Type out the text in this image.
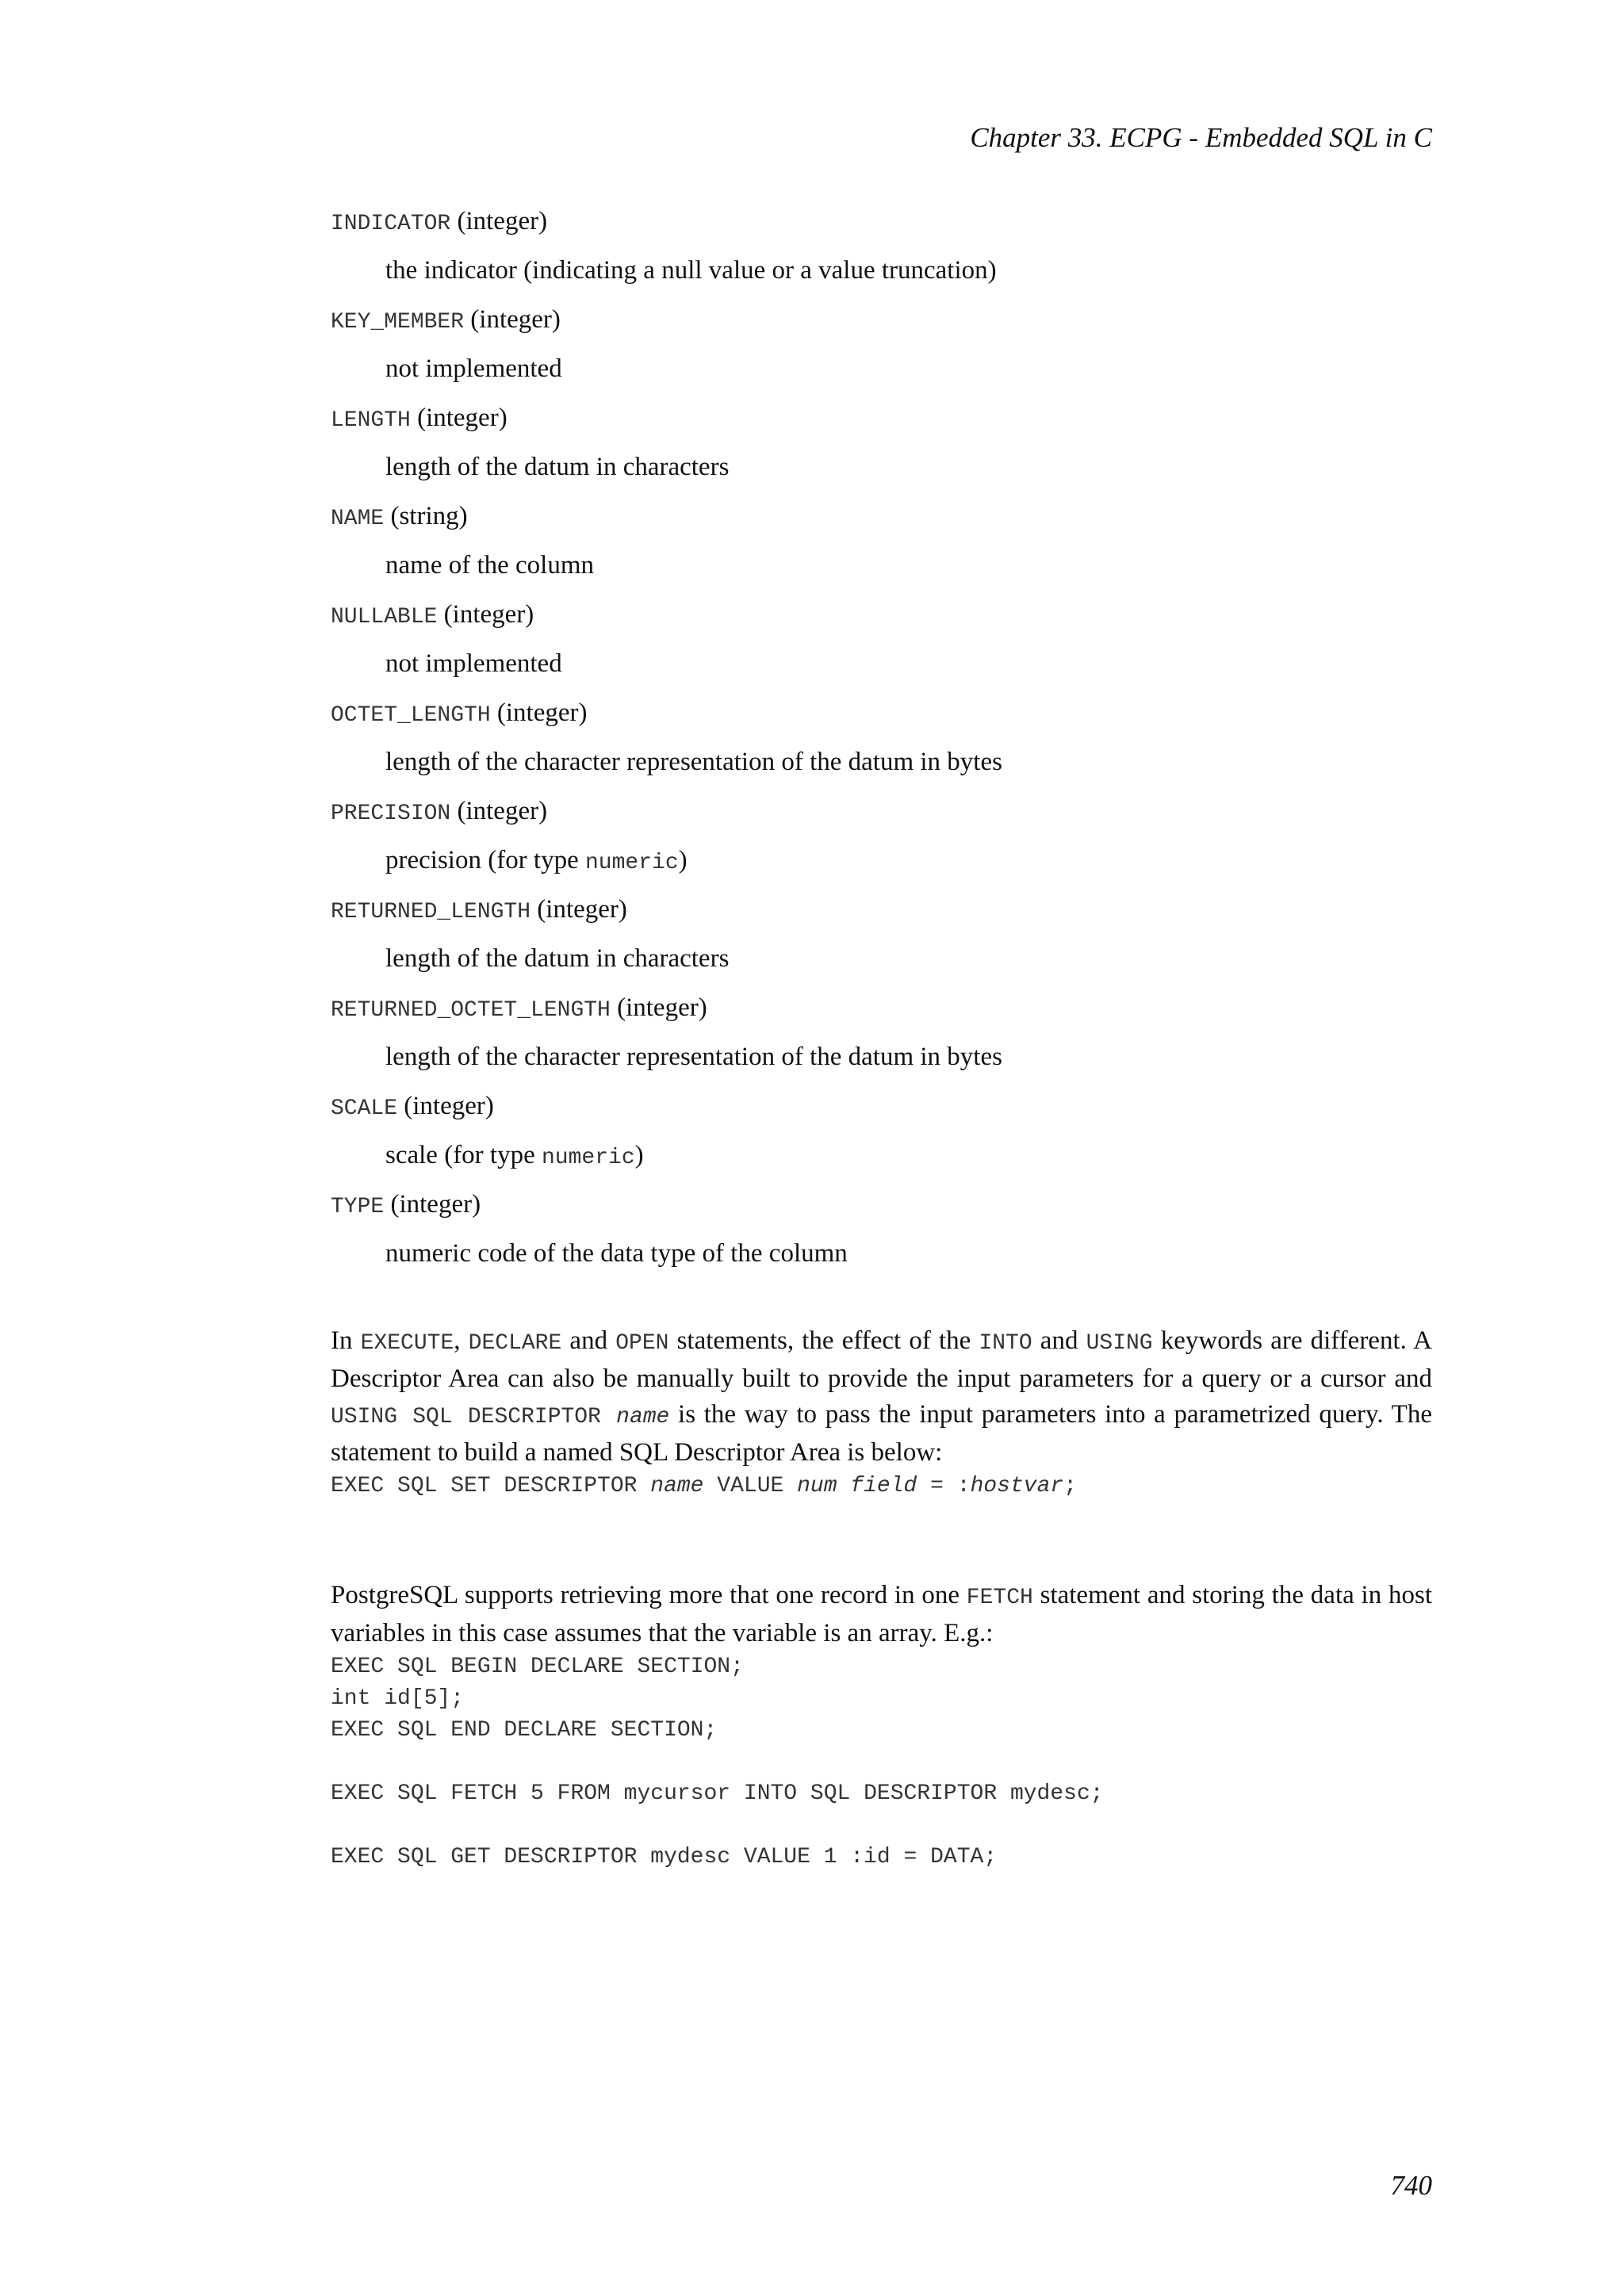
Chapter 33. ECPG - Embedded SQL in C
INDICATOR (integer)
the indicator (indicating a null value or a value truncation)
KEY_MEMBER (integer)
not implemented
LENGTH (integer)
length of the datum in characters
NAME (string)
name of the column
NULLABLE (integer)
not implemented
OCTET_LENGTH (integer)
length of the character representation of the datum in bytes
PRECISION (integer)
precision (for type numeric)
RETURNED_LENGTH (integer)
length of the datum in characters
RETURNED_OCTET_LENGTH (integer)
length of the character representation of the datum in bytes
SCALE (integer)
scale (for type numeric)
TYPE (integer)
numeric code of the data type of the column

In EXECUTE, DECLARE and OPEN statements, the effect of the INTO and USING keywords are different. A Descriptor Area can also be manually built to provide the input parameters for a query or a cursor and USING SQL DESCRIPTOR name is the way to pass the input parameters into a parametrized query. The statement to build a named SQL Descriptor Area is below:

EXEC SQL SET DESCRIPTOR name VALUE num field = :hostvar;

PostgreSQL supports retrieving more that one record in one FETCH statement and storing the data in host variables in this case assumes that the variable is an array. E.g.:

EXEC SQL BEGIN DECLARE SECTION;
int id[5];
EXEC SQL END DECLARE SECTION;

EXEC SQL FETCH 5 FROM mycursor INTO SQL DESCRIPTOR mydesc;

EXEC SQL GET DESCRIPTOR mydesc VALUE 1 :id = DATA;
740
